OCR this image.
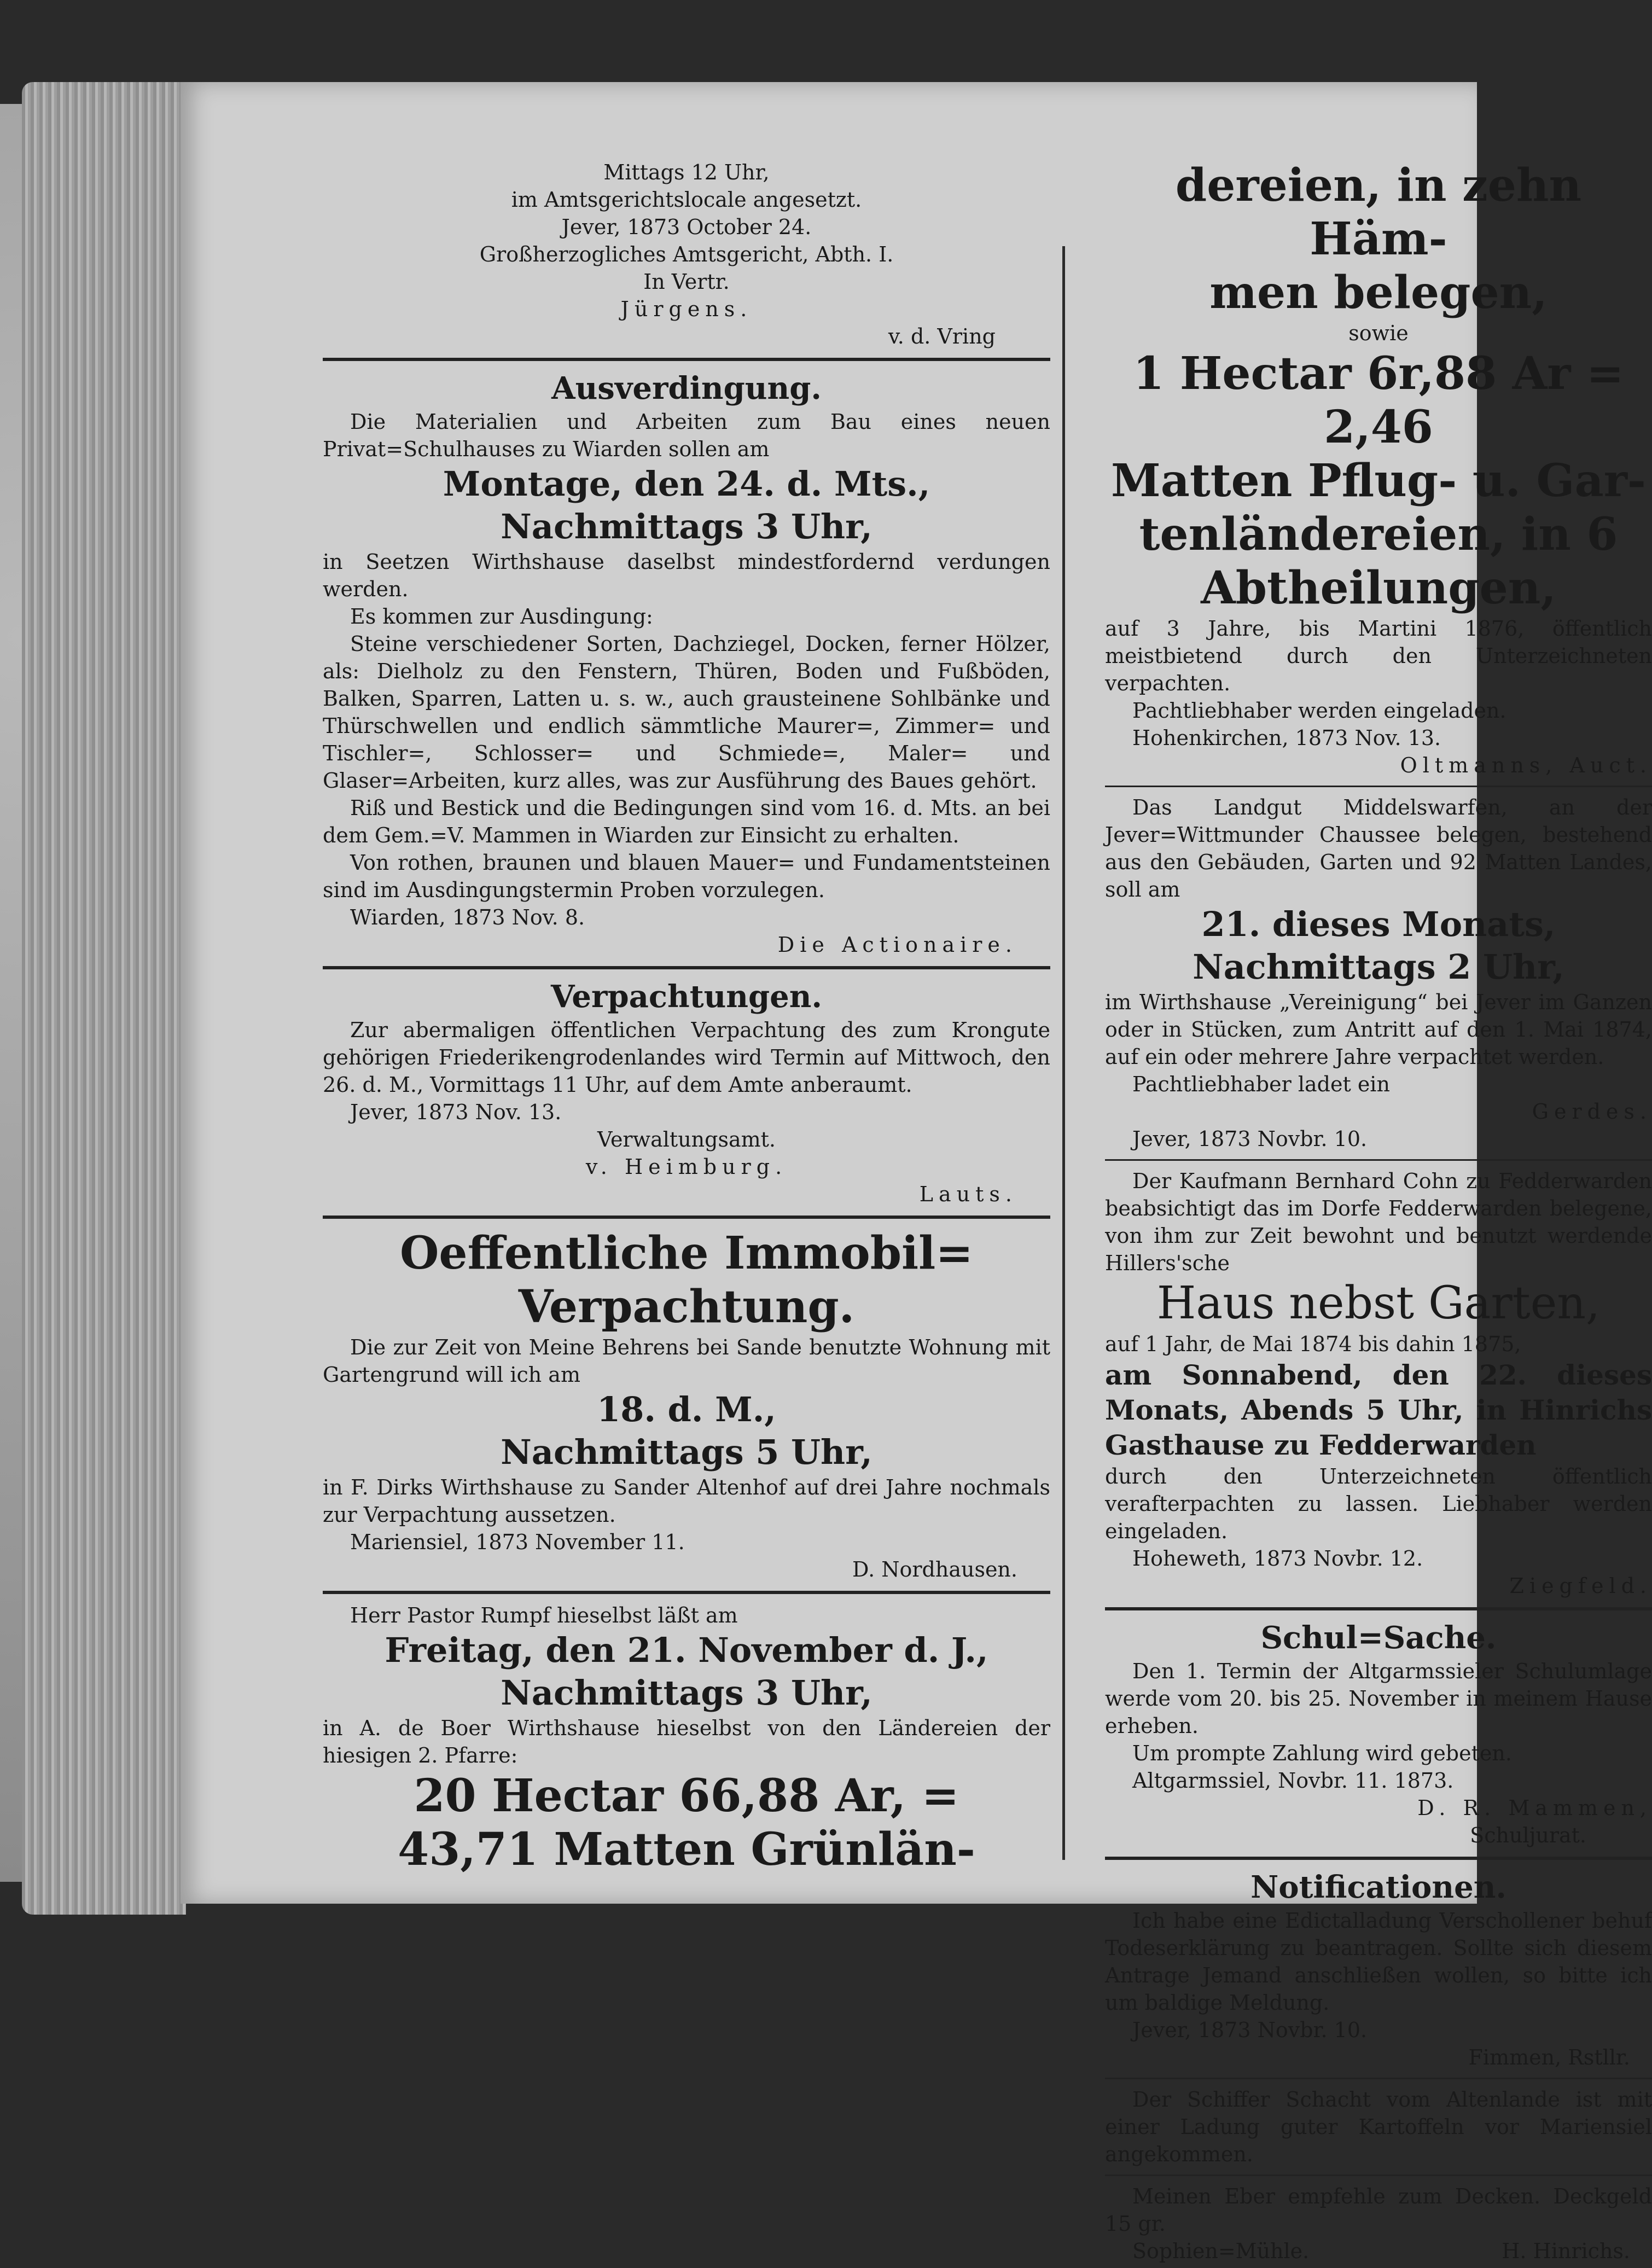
Mittags 12 Uhr,

im Amtsgerichtslocale angesetzt.

Jever, 1873 October 24.

Großherzogliches Amtsgericht, Abth. I.

In Vertr.

Jürgens.

v. d. Vring

Ausverdingung.

Die Materialien und Arbeiten zum Bau eines neuen Privat=Schulhauses zu Wiarden sollen am

Montage, den 24. d. Mts.,

Nachmittags 3 Uhr,

in Seetzen Wirthshause daselbst mindestfordernd verdungen werden.

Es kommen zur Ausdingung:

Steine verschiedener Sorten, Dachziegel, Docken, ferner Hölzer, als: Dielholz zu den Fenstern, Thüren, Boden und Fußböden, Balken, Sparren, Latten u. s. w., auch grausteinene Sohlbänke und Thürschwellen und endlich sämmtliche Maurer=, Zimmer= und Tischler=, Schlosser= und Schmiede=, Maler= und Glaser=Arbeiten, kurz alles, was zur Ausführung des Baues gehört.

Riß und Bestick und die Bedingungen sind vom 16. d. Mts. an bei dem Gem.=V. Mammen in Wiarden zur Einsicht zu erhalten.

Von rothen, braunen und blauen Mauer= und Fundamentsteinen sind im Ausdingungstermin Proben vorzulegen.

Wiarden, 1873 Nov. 8.

Die Actionaire.

Verpachtungen.

Zur abermaligen öffentlichen Verpachtung des zum Krongute gehörigen Friederikengrodenlandes wird Termin auf Mittwoch, den 26. d. M., Vormittags 11 Uhr, auf dem Amte anberaumt.

Jever, 1873 Nov. 13.

Verwaltungsamt.

v. Heimburg.

Lauts.

Oeffentliche Immobil=

Verpachtung.

Die zur Zeit von Meine Behrens bei Sande benutzte Wohnung mit Gartengrund will ich am

18. d. M.,

Nachmittags 5 Uhr,

in F. Dirks Wirthshause zu Sander Altenhof auf drei Jahre nochmals zur Verpachtung aussetzen.

Mariensiel, 1873 November 11.

D. Nordhausen.

Herr Pastor Rumpf hieselbst läßt am

Freitag, den 21. November d. J.,

Nachmittags 3 Uhr,

in A. de Boer Wirthshause hieselbst von den Ländereien der hiesigen 2. Pfarre:

20 Hectar 66,88 Ar, =

43,71 Matten Grünlän-

dereien, in zehn Häm-

men belegen,

sowie

1 Hectar 6r,88 Ar = 2,46

Matten Pflug- u. Gar-

tenländereien, in 6

Abtheilungen,

auf 3 Jahre, bis Martini 1876, öffentlich meistbietend durch den Unterzeichneten verpachten.

Pachtliebhaber werden eingeladen.

Hohenkirchen, 1873 Nov. 13.

Oltmanns, Auct.

Das Landgut Middelswarfen, an der Jever=Wittmunder Chaussee belegen, bestehend aus den Gebäuden, Garten und 92 Matten Landes, soll am

21. dieses Monats,

Nachmittags 2 Uhr,

im Wirthshause „Vereinigung“ bei Jever im Ganzen oder in Stücken, zum Antritt auf den 1. Mai 1874, auf ein oder mehrere Jahre verpachtet werden.

Pachtliebhaber ladet ein

Gerdes.

Jever, 1873 Novbr. 10.

Der Kaufmann Bernhard Cohn zu Fedderwarden beabsichtigt das im Dorfe Fedderwarden belegene, von ihm zur Zeit bewohnt und benutzt werdende Hillers'sche

Haus nebst Garten,

auf 1 Jahr, de Mai 1874 bis dahin 1875,

am Sonnabend, den 22. dieses Monats, Abends 5 Uhr, in Hinrichs Gasthause zu Fedderwarden

durch den Unterzeichneten öffentlich verafterpachten zu lassen. Liebhaber werden eingeladen.

Hoheweth, 1873 Novbr. 12.

Ziegfeld.

Schul=Sache.

Den 1. Termin der Altgarmssieler Schulumlage werde vom 20. bis 25. November in meinem Hause erheben.

Um prompte Zahlung wird gebeten.

Altgarmssiel, Novbr. 11. 1873.

D. R. Mammen,

Schuljurat.

Notificationen.

Ich habe eine Edictalladung Verschollener behuf Todeserklärung zu beantragen. Sollte sich diesem Antrage Jemand anschließen wollen, so bitte ich um baldige Meldung.

Jever, 1873 Novbr. 10.

Fimmen, Rstllr.

Der Schiffer Schacht vom Altenlande ist mit einer Ladung guter Kartoffeln vor Mariensiel angekommen.

Meinen Eber empfehle zum Decken. Deckgeld 15 gr.

Sophien=Mühle.	H. Hinrichs.
